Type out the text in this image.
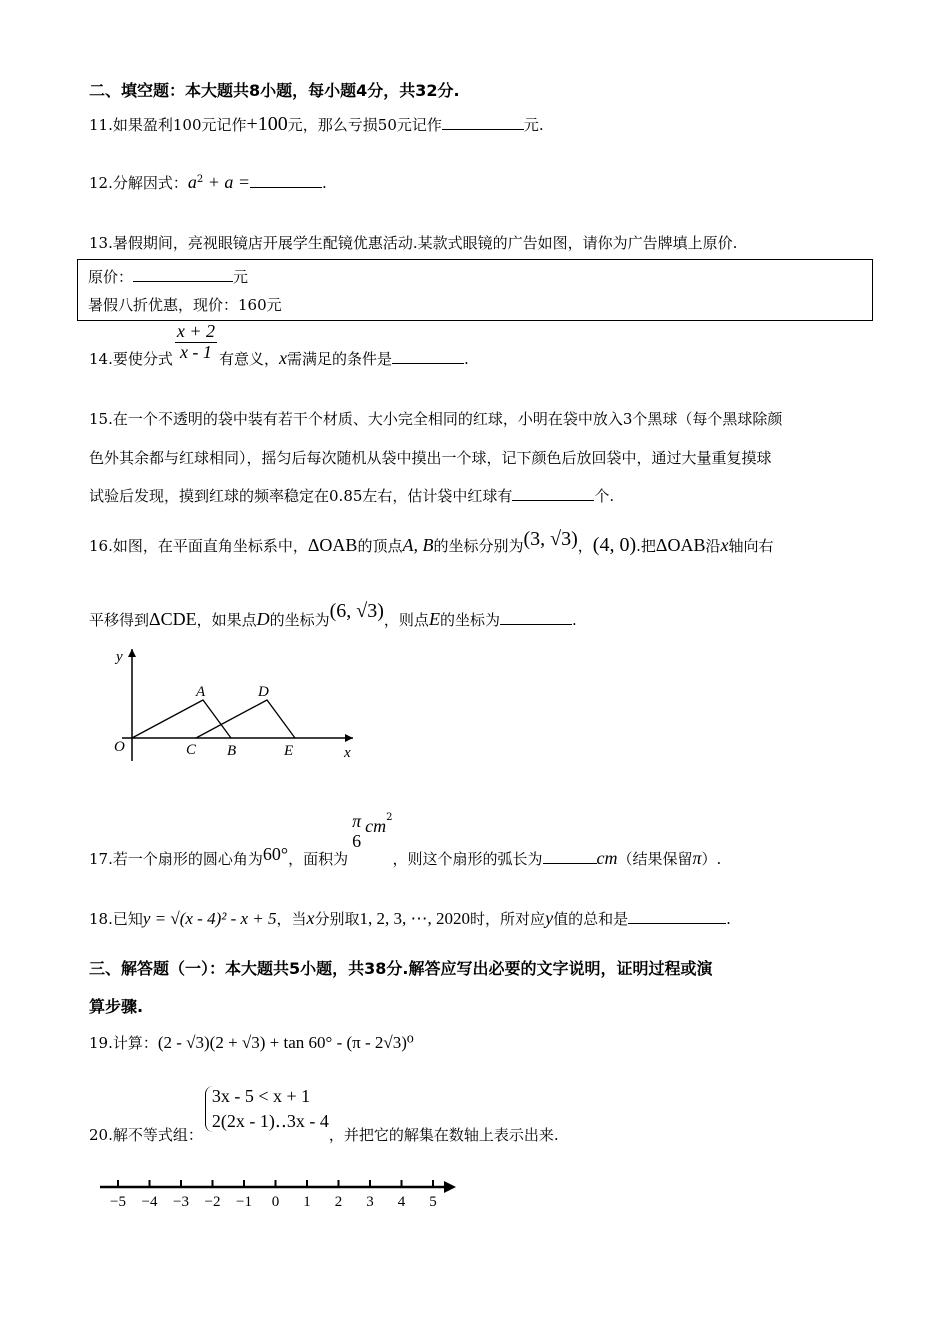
二、填空题：本大题共8小题，每小题4分，共32分.
11.如果盈利100元记作+100元，那么亏损50元记作	元.
12.分解因式：$a^2 + a$ =	.
13.暑假期间，亮视眼镜店开展学生配镜优惠活动.某款式眼镜的广告如图，请你为广告牌填上原价.
原价：	元
暑假八折优惠，现价：160元
14.要使分式 $\frac{x + 2}{x - 1}$ 有意义，x需满足的条件是	.
15.在一个不透明的袋中装有若干个材质、大小完全相同的红球，小明在袋中放入3个黑球（每个黑球除颜
色外其余都与红球相同），摇匀后每次随机从袋中摸出一个球，记下颜色后放回袋中，通过大量重复摸球
试验后发现，摸到红球的频率稳定在0.85左右，估计袋中红球有	个.
16.如图，在平面直角坐标系中，ΔOAB的顶点A, B的坐标分别为(3, √3)，(4, 0).把ΔOAB沿x轴向右
平移得到ΔCDE，如果点D的坐标为(6, √3)，则点E的坐标为	.
y
x
O
A
B
C
D
E
17.若一个扇形的圆心角为60°，面积为
π
6
$cm^2$，则这个扇形的弧长为	cm（结果保留π）.
18.已知y = √(x - 4)² - x + 5，当x分别取1, 2, 3, ⋯, 2020时，所对应y值的总和是	.
三、解答题（一）：本大题共5小题，共38分.解答应写出必要的文字说明，证明过程或演
算步骤.
19.计算：(2 - √3)(2 + √3) + tan 60° - (π - 2√3)⁰
20.解不等式组：
3x - 5 < x + 1
2(2x - 1)‥3x - 4
，并把它的解集在数轴上表示出来.
−5 −4 −3 −2 −1 0 1 2 3 4 5
